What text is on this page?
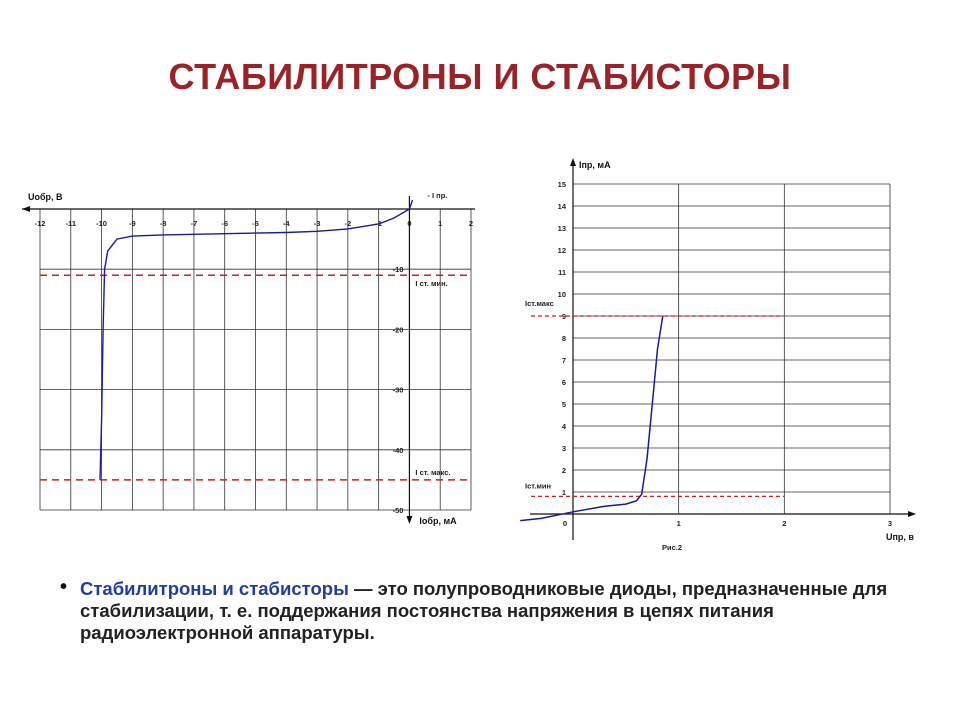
СТАБИЛИТРОНЫ И СТАБИСТОРЫ
-12	-11	-10	-9	-8	-7	-6	-5	-4	-3	-2	-1	0	1	2
-10
-20
-30
-40
-50
Uобр, В
Iобр, мА
- I пр.
I ст. мин.
I ст. макс.
1
2
3
4
5
6
7
8
9
10
11
12
13
14
15
0	1	2	3
Iпр, мА
Uпр, в
Рис.2
Iст.макс
Iст.мин
• Стабилитроны и стабисторы — это полупроводниковые диоды, предназначенные для стабилизации, т. е. поддержания постоянства напряжения в цепях питания радиоэлектронной аппаратуры.
